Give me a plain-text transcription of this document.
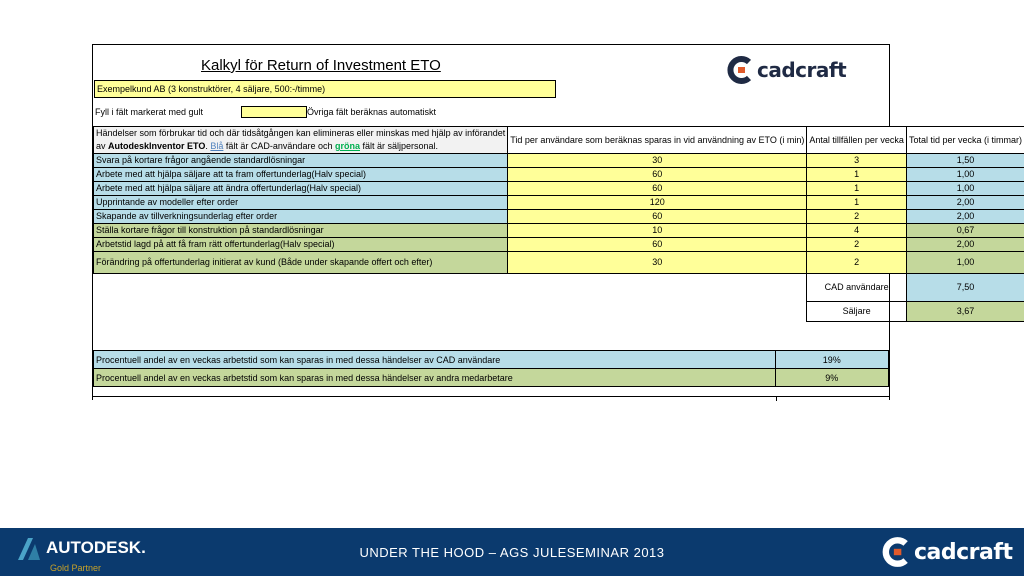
Kalkyl för Return of Investment ETO	cadcraft
Exempelkund AB (3 konstruktörer, 4 säljare, 500:-/timme)
Fyll i fält markerat med gult	Övriga fält beräknas automatiskt
Händelser som förbrukar tid och där tidsåtgången kan elimineras eller minskas med hjälp av införandet
av AutodeskInventor ETO. Blå fält är CAD-användare och gröna fält är säljpersonal.	Tid per användare som beräknas sparas in vid användning av ETO (i min)	Antal tillfällen per vecka	Total tid per vecka (i timmar)
Svara på kortare frågor angående standardlösningar	30	3	1,50
Arbete med att hjälpa säljare att ta fram offertunderlag(Halv special)	60	1	1,00
Arbete med att hjälpa säljare att ändra offertunderlag(Halv special)	60	1	1,00
Upprintande av modeller efter order	120	1	2,00
Skapande av tillverkningsunderlag efter order	60	2	2,00
Ställa kortare frågor till konstruktion på standardlösningar	10	4	0,67
Arbetstid lagd på att få fram rätt offertunderlag(Halv special)	60	2	2,00
Förändring på offertunderlag initierat av kund (Både under skapande offert och efter)	30	2	1,00
		CAD användare	7,50
		Säljare	3,67
Procentuell andel av en veckas arbetstid som kan sparas in med dessa händelser av CAD användare	19%
Procentuell andel av en veckas arbetstid som kan sparas in med dessa händelser av andra medarbetare	9%
AUTODESK.
Gold Partner
UNDER THE HOOD – AGS JULESEMINAR 2013	cadcraft
